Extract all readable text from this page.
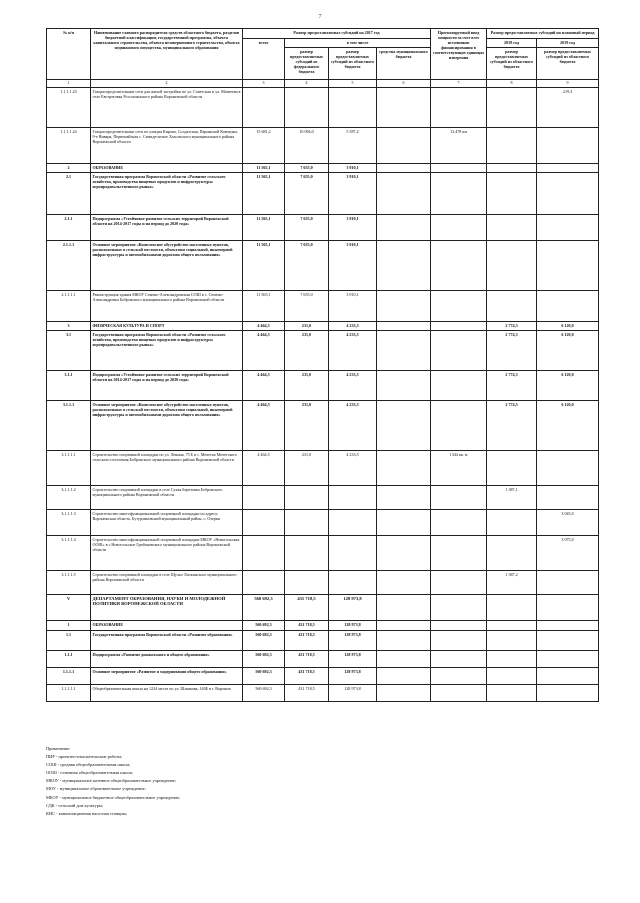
7
№ п/п	Наименование главного распорядителя средств областного бюджета, разделов бюджетной классификации, государственной программы, объекта капитального строительства, объекта незавершенного строительства, объекта недвижимого имущества, муниципального образования	Размер предоставляемых субсидий на 2017 год				Прогнозируемый ввод мощности за счет всех источников финансирования в соответствующих единицах измерения	Размер предоставляемых субсидий на плановый период	
		всего	в том числе				2018 год	2019 год
			размер предоставляемых субсидий из федерального бюджета	размер предоставляемых субсидий из областного бюджета	средства муниципального бюджета		размер предоставляемых субсидий из областного бюджета	размер предоставляемых субсидий из областного бюджета

1	2	3	4	5	6	7	8	9
1.1.1.1.23	Газораспределительные сети для жилой застройки по ул. Советская и ул. Матвеева в селе Евстратовка Россошанского района Воронежской области							219,3
1.1.1.1.24	Газораспределительные сети по улицам Кирова, Солдатская, Парижской Коммуны, 9-е Января, Первомайская с. Семидесятное Хохольского муниципального района Воронежской области	15 681,2	10 094,0	5 587,2		13,478 км		
2	ОБРАЗОВАНИЕ	11 565,1	7 655,0	3 910,1				
2.1	Государственная программа Воронежской области «Развитие сельского хозяйства, производства пищевых продуктов и инфраструктуры агропродовольственного рынка»	11 565,1	7 655,0	3 910,1				
2.1.1	Подпрограмма «Устойчивое развитие сельских территорий Воронежской области на 2014-2017 годы и на период до 2020 года»	11 565,1	7 655,0	3 910,1				
2.1.1.1	Основное мероприятие «Комплексное обустройство населенных пунктов, расположенных в сельской местности, объектами социальной, инженерной инфраструктуры и автомобильными дорогами общего пользования»	11 565,1	7 655,0	3 910,1				
2.1.1.1.1	Реконструкция здания МКОУ Семено-Александровская СОШ в с. Семено-Александровка Бобровского муниципального района Воронежской области	11 565,1	7 655,0	3 910,1				
3	ФИЗИЧЕСКАЯ КУЛЬТУРА И СПОРТ	4 464,5	231,0	4 233,5			2 774,3	6 120,0
3.1	Государственная программа Воронежской области «Развитие сельского хозяйства, производства пищевых продуктов и инфраструктуры агропродовольственного рынка»	4 464,5	231,0	4 233,5			2 774,3	6 120,0
3.1.1	Подпрограмма «Устойчивое развитие сельских территорий Воронежской области на 2014-2017 годы и на период до 2020 года»	4 464,5	231,0	4 233,5			2 774,3	6 120,0
3.1.1.1	Основное мероприятие «Комплексное обустройство населенных пунктов, расположенных в сельской местности, объектами социальной, инженерной инфраструктуры и автомобильными дорогами общего пользования»	4 464,5	231,0	4 233,5			2 774,5	6 120,0
3.1.1.1.1	Строительство спортивной площадки по ул. Ленина, 75 Б в с. Мечетка Мечетского сельского поселения Бобровского муниципального района Воронежской области	4 464,5	231,0	4 233,5		1344 кв. м		
3.1.1.1.2	Строительство спортивной площадки в селе Сухая Березовка Бобровского муниципального района Воронежской области						1 387,1	
3.1.1.1.3	Строительство многофункциональной спортивной площадки по адресу: Воронежская область, Бутурлиновский муниципальный район, с. Озерки							3 045,0
3.1.1.1.4	Строительство многофункциональной спортивной площадки МКОУ «Новогольская ООШ» в с Новогольское Грибановского муниципального района Воронежской области							3 075,0
3.1.1.1.5	Строительство спортивной площадки в селе Щучье Лискинского муниципального района Воронежской области						1 387,2	
V	ДЕПАРТАМЕНТ ОБРАЗОВАНИЯ, НАУКИ И МОЛОДЕЖНОЙ ПОЛИТИКИ ВОРОНЕЖСКОЙ ОБЛАСТИ	560 692,3	431 718,5	128 973,8				
1	ОБРАЗОВАНИЕ	560 692,3	431 718,5	128 973,8				
1.1	Государственная программа Воронежской области «Развитие образования»	560 692,3	431 718,5	128 973,8				
1.1.1	Подпрограмма «Развитие дошкольного и общего образования»	560 692,3	431 718,5	128 973,8				
1.1.1.1	Основное мероприятие «Развитие и модернизация общего образования»	560 692,3	431 718,5	128 973,8				
1.1.1.1.1	Общеобразовательная школа на 1224 места по ул. Шишкова, 140Б в г. Воронеж	560 692,3	431 718,5	128 973,8				
Примечание:
ПИР - проектно-изыскательские работы;
СОШ - средняя общеобразовательная школа;
ООШ - основная общеобразовательная школа;
МКОУ - муниципальное казенное общеобразовательное учреждение;
МОУ - муниципальное образовательное учреждение;
МБОУ - муниципальное бюджетное общеобразовательное учреждение;
СДК - сельский дом культуры;
КНС - канализационная насосная станция»
